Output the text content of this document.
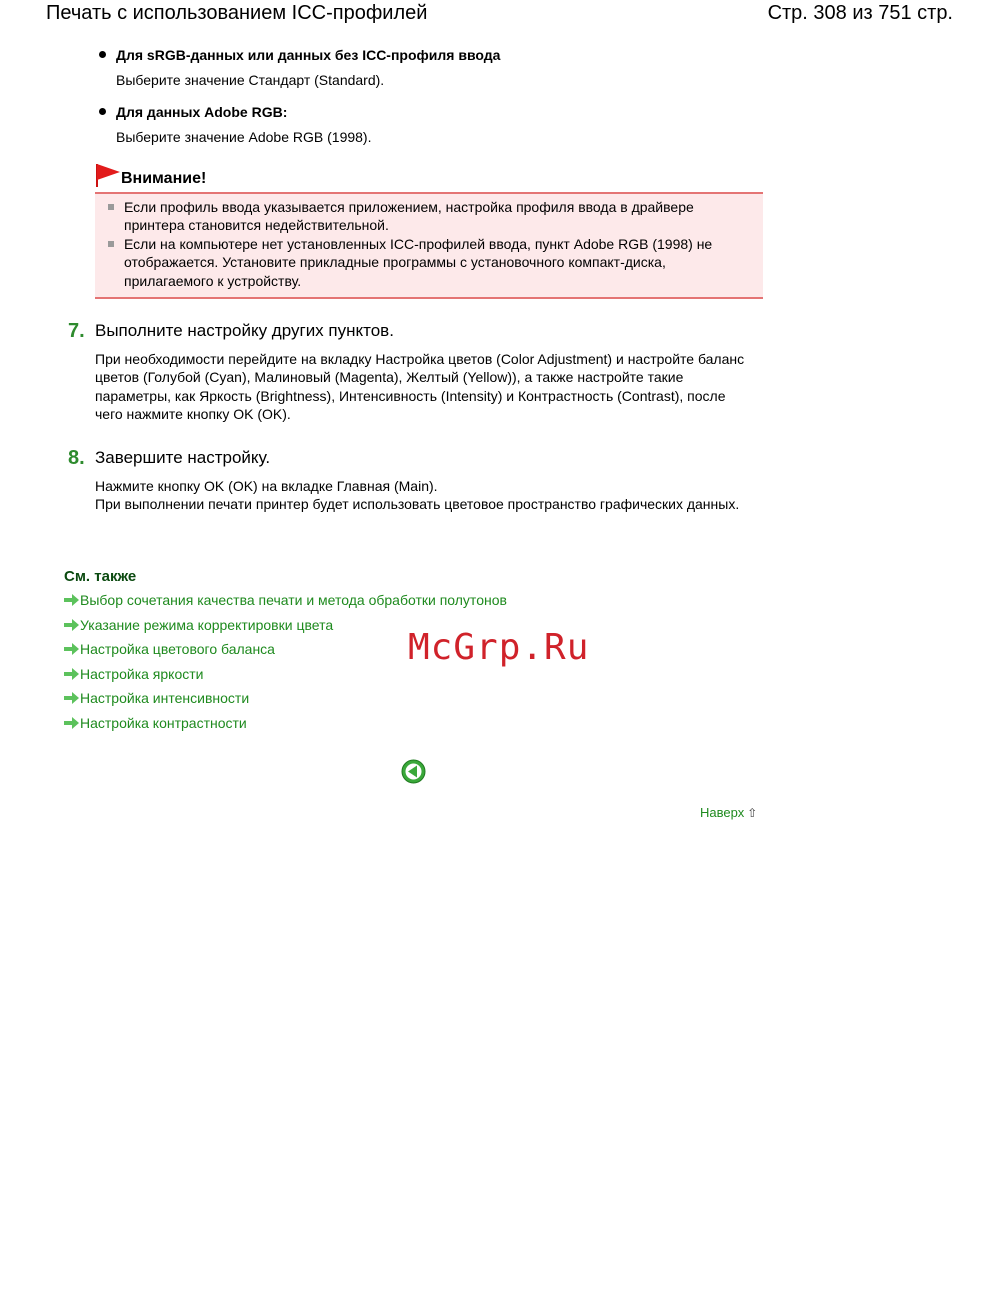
Печать с использованием ICC-профилей	Стр. 308 из 751 стр.
Для sRGB-данных или данных без ICC-профиля ввода
Выберите значение Стандарт (Standard).
Для данных Adobe RGB:
Выберите значение Adobe RGB (1998).
Внимание!
Если профиль ввода указывается приложением, настройка профиля ввода в драйвере принтера становится недействительной.
Если на компьютере нет установленных ICC-профилей ввода, пункт Adobe RGB (1998) не отображается. Установите прикладные программы с установочного компакт-диска, прилагаемого к устройству.
7. Выполните настройку других пунктов.
При необходимости перейдите на вкладку Настройка цветов (Color Adjustment) и настройте баланс цветов (Голубой (Cyan), Малиновый (Magenta), Желтый (Yellow)), а также настройте такие параметры, как Яркость (Brightness), Интенсивность (Intensity) и Контрастность (Contrast), после чего нажмите кнопку OK (OK).
8. Завершите настройку.
Нажмите кнопку OK (OK) на вкладке Главная (Main).
При выполнении печати принтер будет использовать цветовое пространство графических данных.
См. также
Выбор сочетания качества печати и метода обработки полутонов
Указание режима корректировки цвета
Настройка цветового баланса
Настройка яркости
Настройка интенсивности
Настройка контрастности
McGrp.Ru
Наверх ⇧
